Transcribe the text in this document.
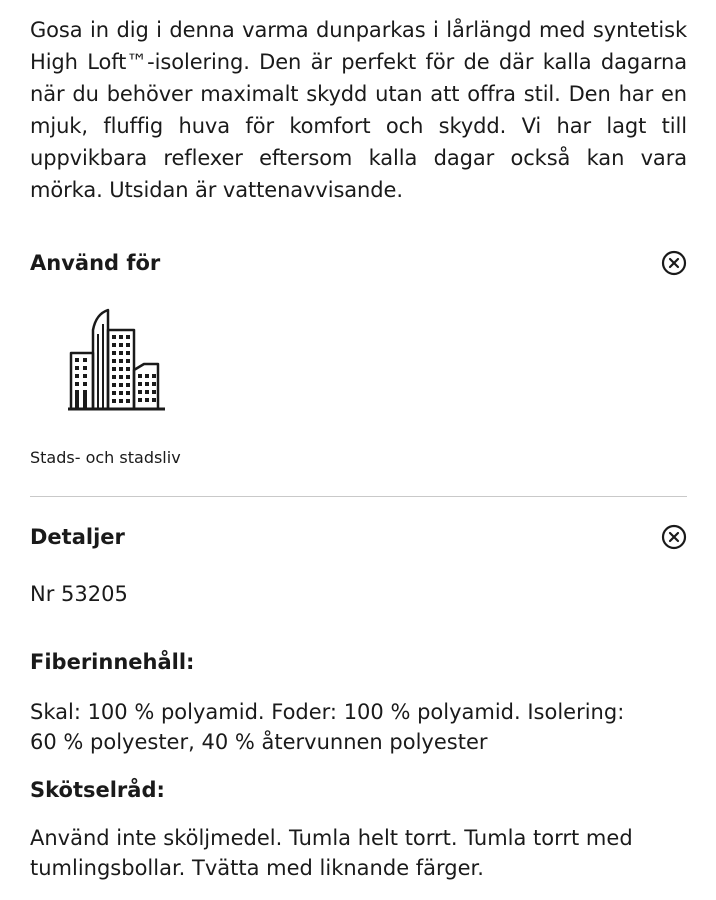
Gosa in dig i denna varma dunparkas i lårlängd med syntetisk High Loft™-isolering. Den är perfekt för de där kalla dagarna när du behöver maximalt skydd utan att offra stil. Den har en mjuk, fluffig huva för komfort och skydd. Vi har lagt till uppvikbara reflexer eftersom kalla dagar också kan vara mörka. Utsidan är vattenavvisande.

Använd för

Stads- och stadsliv

Detaljer

Nr 53205

Fiberinnehåll:

Skal: 100 % polyamid. Foder: 100 % polyamid. Isolering:

60 % polyester, 40 % återvunnen polyester

Skötselråd:

Använd inte sköljmedel. Tumla helt torrt. Tumla torrt med

tumlingsbollar. Tvätta med liknande färger.
